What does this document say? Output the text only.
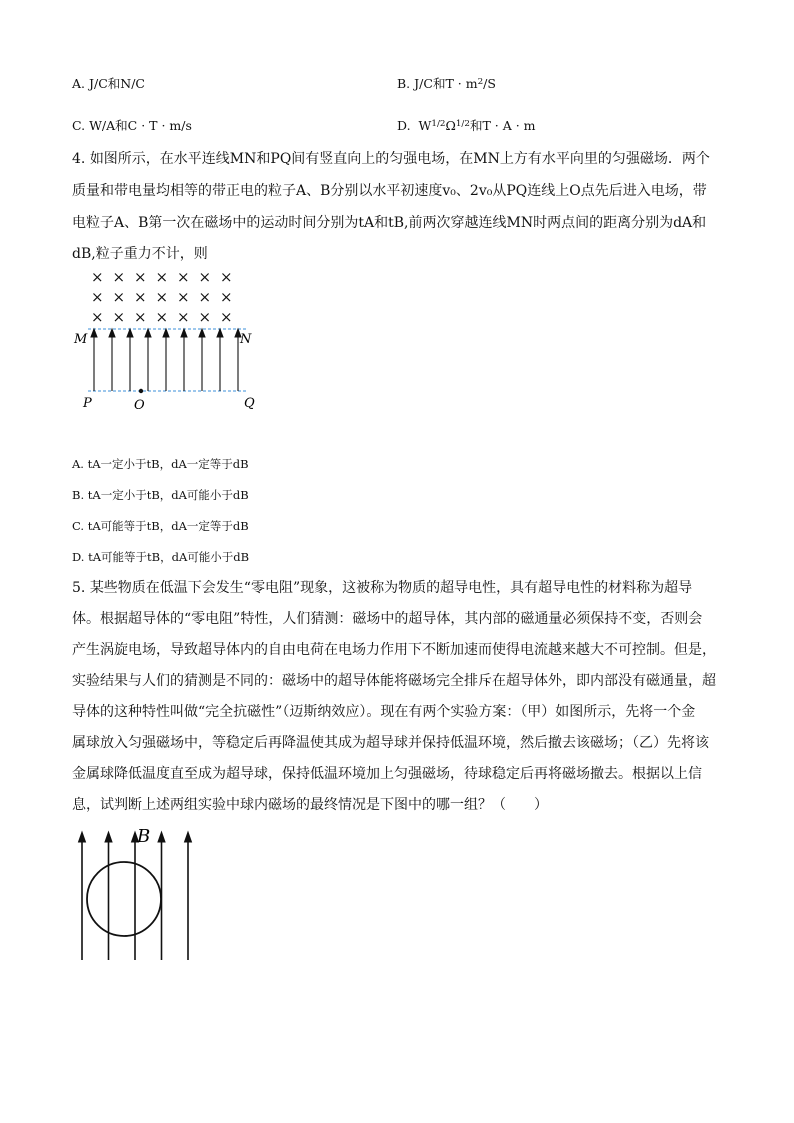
A. J/C和N/C	B. J/C和$T \cdot m^2/S$
C. W/A和C · T · m/s	D. $W^{1/2}\Omega^{1/2}$和T · A · m
4. 如图所示，在水平连线MN和PQ间有竖直向上的匀强电场，在MN上方有水平向里的匀强磁场．两个
质量和带电量均相等的带正电的粒子A、B分别以水平初速度v₀、2v₀从PQ连线上O点先后进入电场，带
电粒子A、B第一次在磁场中的运动时间分别为tA和tB,前两次穿越连线MN时两点间的距离分别为dA和
dB,粒子重力不计，则
× × × × × × ×
× × × × × × ×
× × × × × × ×
M	N
P	O	Q
A. tA一定小于tB，dA一定等于dB
B. tA一定小于tB，dA可能小于dB
C. tA可能等于tB，dA一定等于dB
D. tA可能等于tB，dA可能小于dB
5. 某些物质在低温下会发生“零电阻”现象，这被称为物质的超导电性，具有超导电性的材料称为超导
体。根据超导体的“零电阻”特性，人们猜测：磁场中的超导体，其内部的磁通量必须保持不变，否则会
产生涡旋电场，导致超导体内的自由电荷在电场力作用下不断加速而使得电流越来越大不可控制。但是，
实验结果与人们的猜测是不同的：磁场中的超导体能将磁场完全排斥在超导体外，即内部没有磁通量，超
导体的这种特性叫做“完全抗磁性”（迈斯纳效应）。现在有两个实验方案：（甲）如图所示，先将一个金
属球放入匀强磁场中，等稳定后再降温使其成为超导球并保持低温环境，然后撤去该磁场；（乙）先将该
金属球降低温度直至成为超导球，保持低温环境加上匀强磁场，待球稳定后再将磁场撤去。根据以上信
息，试判断上述两组实验中球内磁场的最终情况是下图中的哪一组？（　　）
B
